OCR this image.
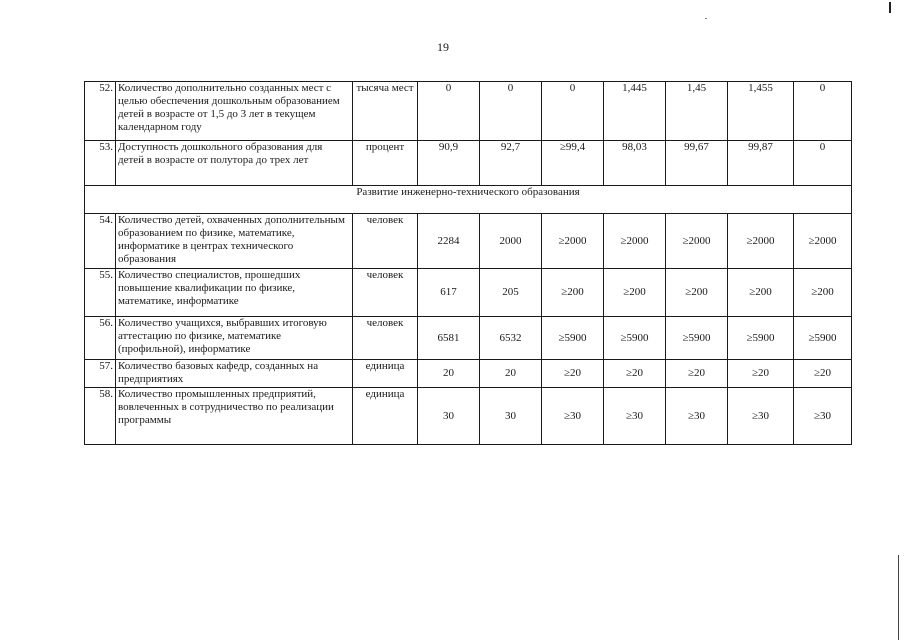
19
52.	Количество дополнительно созданных мест с целью обеспечения дошкольным образованием детей в возрасте от 1,5 до 3 лет в текущем календарном году	тысяча мест	0	0	0	1,445	1,45	1,455	0
53.	Доступность дошкольного образования для детей в возрасте от полутора до трех лет	процент	90,9	92,7	≥99,4	98,03	99,67	99,87	0
Развитие инженерно-технического образования									
54.	Количество детей, охваченных дополнительным образованием по физике, математике, информатике в центрах технического образования	человек	2284	2000	≥2000	≥2000	≥2000	≥2000	≥2000
55.	Количество специалистов, прошедших повышение квалификации по физике, математике, информатике	человек	617	205	≥200	≥200	≥200	≥200	≥200
56.	Количество учащихся, выбравших итоговую аттестацию по физике, математике (профильной), информатике	человек	6581	6532	≥5900	≥5900	≥5900	≥5900	≥5900
57.	Количество базовых кафедр, созданных на предприятиях	единица	20	20	≥20	≥20	≥20	≥20	≥20
58.	Количество промышленных предприятий, вовлеченных в сотрудничество по реализации программы	единица	30	30	≥30	≥30	≥30	≥30	≥30
